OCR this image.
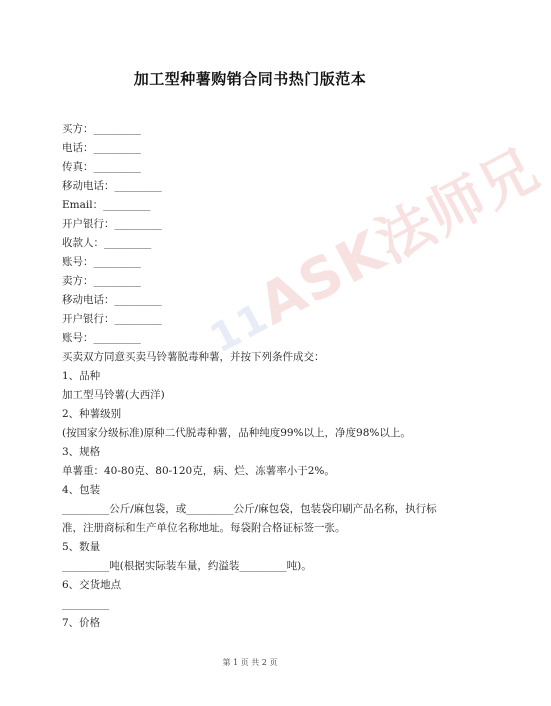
加工型种薯购销合同书热门版范本
11ASK法师兄
买方：_________
电话：_________
传真：_________
移动电话：_________
Email：_________
开户银行：_________
收款人：_________
账号：_________
卖方：_________
移动电话：_________
开户银行：_________
账号：_________
买卖双方同意买卖马铃薯脱毒种薯，并按下列条件成交：
1、品种
加工型马铃薯(大西洋)
2、种薯级别
(按国家分级标准)原种二代脱毒种薯，品种纯度99%以上，净度98%以上。
3、规格
单薯重：40-80克、80-120克，病、烂、冻薯率小于2%。
4、包装
_________公斤/麻包袋，或_________公斤/麻包袋，包装袋印刷产品名称，执行标准，注册商标和生产单位名称地址。每袋附合格证标签一张。
5、数量
_________吨(根据实际装车量，约溢装_________吨)。
6、交货地点
_________
7、价格
第 1 页 共 2 页
